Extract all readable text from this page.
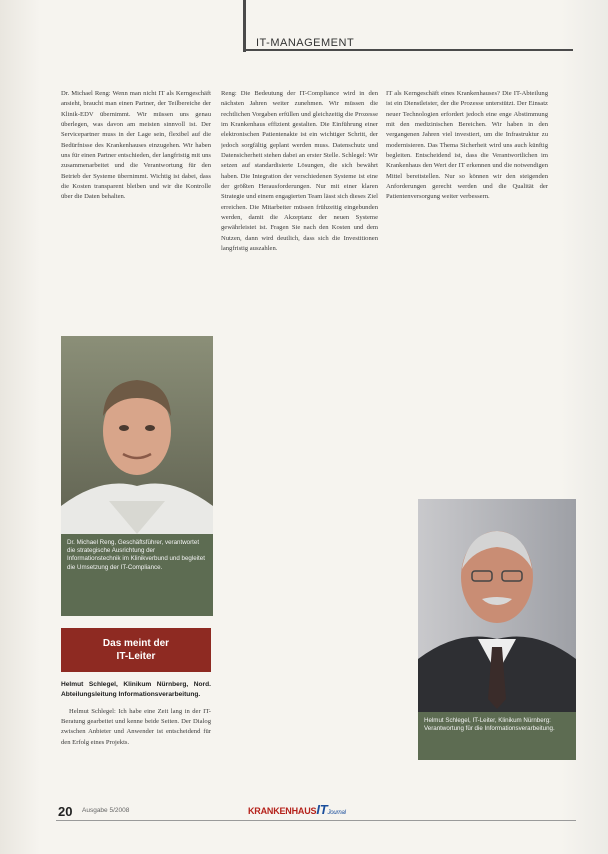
IT-MANAGEMENT

Dr. Michael Reng: Wenn man nicht IT als Kerngeschäft ansieht, braucht man einen Partner, der Teilbereiche der Klinik-EDV übernimmt. Wir müssen uns genau überlegen, was davon am meisten sinnvoll ist. Der Servicepartner muss in der Lage sein, flexibel auf die Bedürfnisse des Krankenhauses einzugehen. Wir haben uns für einen Partner entschieden, der langfristig mit uns zusammenarbeitet und die Verantwortung für den Betrieb der Systeme übernimmt. Wichtig ist dabei, dass die Kosten transparent bleiben und wir die Kontrolle über die Daten behalten.

Dr. Michael Reng, Geschäftsführer, verantwortet die strategische Ausrichtung der Informationstechnik im Klinikverbund und begleitet die Umsetzung der IT-Compliance.
Das meint der
IT-Leiter

Helmut Schlegel, Klinikum Nürnberg, Nord. Abteilungsleitung Informationsverarbeitung.

Helmut Schlegel: Ich habe eine Zeit lang in der IT-Beratung gearbeitet und kenne beide Seiten. Der Dialog zwischen Anbieter und Anwender ist entscheidend für den Erfolg eines Projekts.

Reng: Die Bedeutung der IT-Compliance wird in den nächsten Jahren weiter zunehmen. Wir müssen die rechtlichen Vorgaben erfüllen und gleichzeitig die Prozesse im Krankenhaus effizient gestalten. Die Einführung einer elektronischen Patientenakte ist ein wichtiger Schritt, der jedoch sorgfältig geplant werden muss. Datenschutz und Datensicherheit stehen dabei an erster Stelle. Schlegel: Wir setzen auf standardisierte Lösungen, die sich bewährt haben. Die Integration der verschiedenen Systeme ist eine der größten Herausforderungen. Nur mit einer klaren Strategie und einem engagierten Team lässt sich dieses Ziel erreichen. Die Mitarbeiter müssen frühzeitig eingebunden werden, damit die Akzeptanz der neuen Systeme gewährleistet ist. Fragen Sie nach den Kosten und dem Nutzen, dann wird deutlich, dass sich die Investitionen langfristig auszahlen.

IT als Kerngeschäft eines Krankenhauses? Die IT-Abteilung ist ein Dienstleister, der die Prozesse unterstützt. Der Einsatz neuer Technologien erfordert jedoch eine enge Abstimmung mit den medizinischen Bereichen. Wir haben in den vergangenen Jahren viel investiert, um die Infrastruktur zu modernisieren. Das Thema Sicherheit wird uns auch künftig begleiten. Entscheidend ist, dass die Verantwortlichen im Krankenhaus den Wert der IT erkennen und die notwendigen Mittel bereitstellen. Nur so können wir den steigenden Anforderungen gerecht werden und die Qualität der Patientenversorgung weiter verbessern.

Helmut Schlegel, IT-Leiter, Klinikum Nürnberg: Verantwortung für die Informationsverarbeitung.
20 Ausgabe 5/2008	KRANKENHAUSITJournal
